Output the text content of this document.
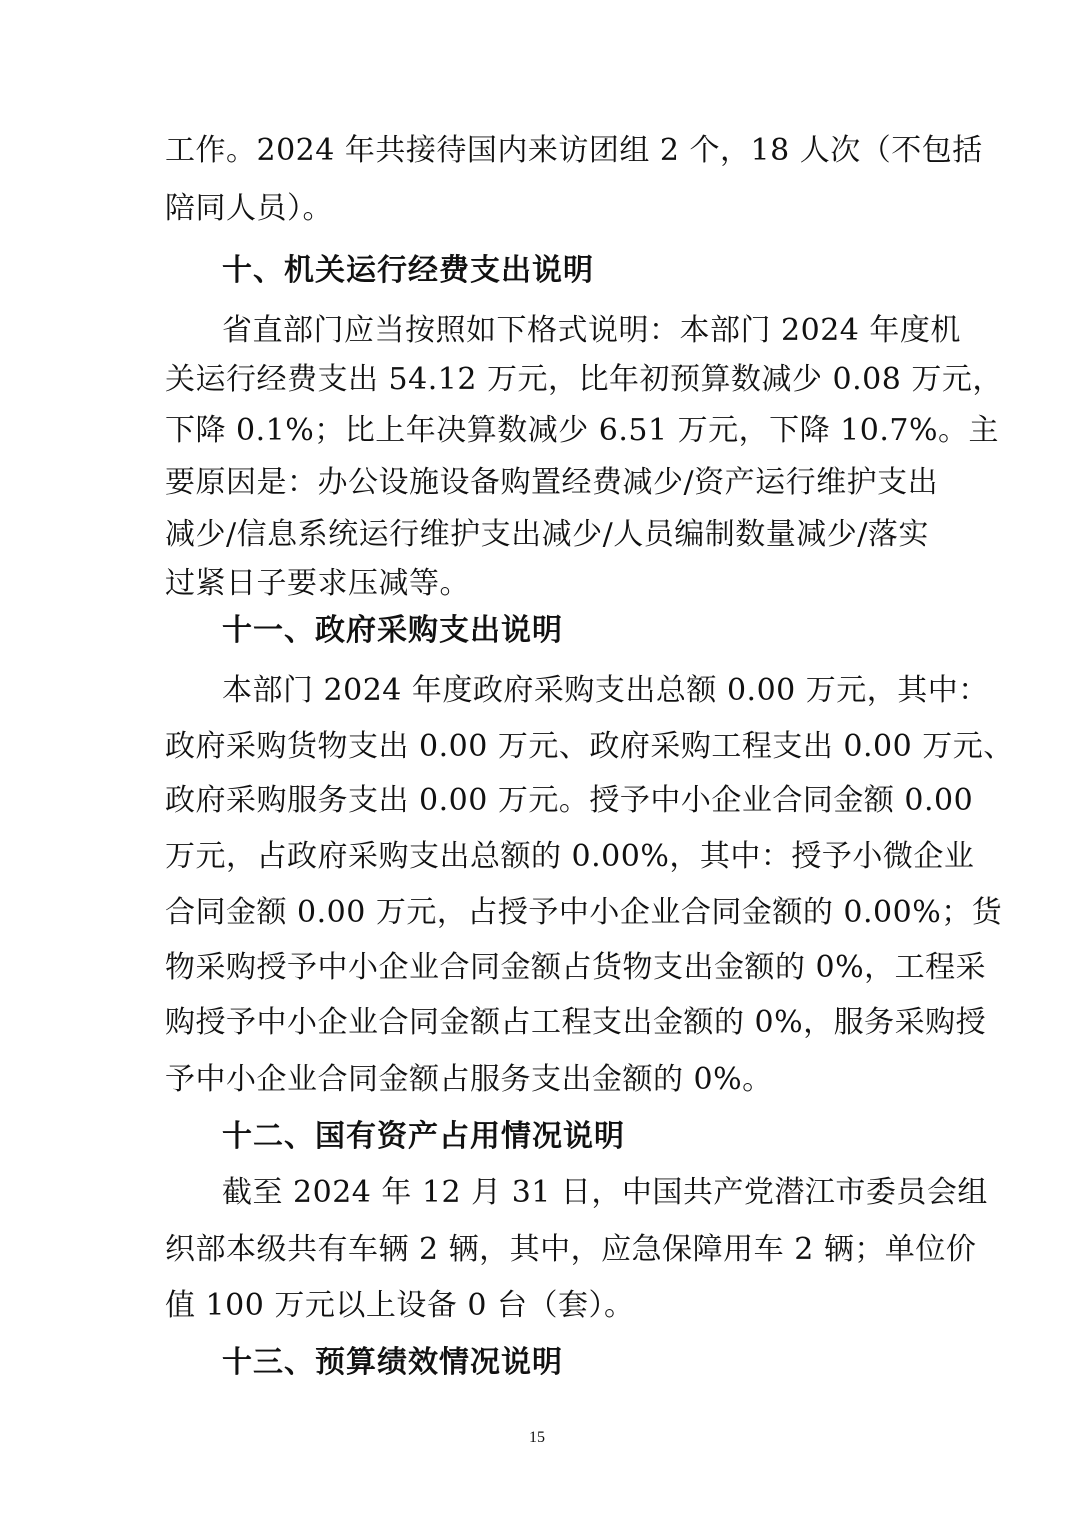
工作。2024 年共接待国内来访团组 2 个，18 人次（不包括
陪同人员）。
十、机关运行经费支出说明
省直部门应当按照如下格式说明：本部门 2024 年度机
关运行经费支出 54.12 万元，比年初预算数减少 0.08 万元，
下降 0.1%；比上年决算数减少 6.51 万元，下降 10.7%。主
要原因是：办公设施设备购置经费减少/资产运行维护支出
减少/信息系统运行维护支出减少/人员编制数量减少/落实
过紧日子要求压减等。
十一、政府采购支出说明
本部门 2024 年度政府采购支出总额 0.00 万元，其中：
政府采购货物支出 0.00 万元、政府采购工程支出 0.00 万元、
政府采购服务支出 0.00 万元。授予中小企业合同金额 0.00
万元，占政府采购支出总额的 0.00%，其中：授予小微企业
合同金额 0.00 万元，占授予中小企业合同金额的 0.00%；货
物采购授予中小企业合同金额占货物支出金额的 0%，工程采
购授予中小企业合同金额占工程支出金额的 0%，服务采购授
予中小企业合同金额占服务支出金额的 0%。
十二、国有资产占用情况说明
截至 2024 年 12 月 31 日，中国共产党潜江市委员会组
织部本级共有车辆 2 辆，其中，应急保障用车 2 辆；单位价
值 100 万元以上设备 0 台（套）。
十三、预算绩效情况说明
15
